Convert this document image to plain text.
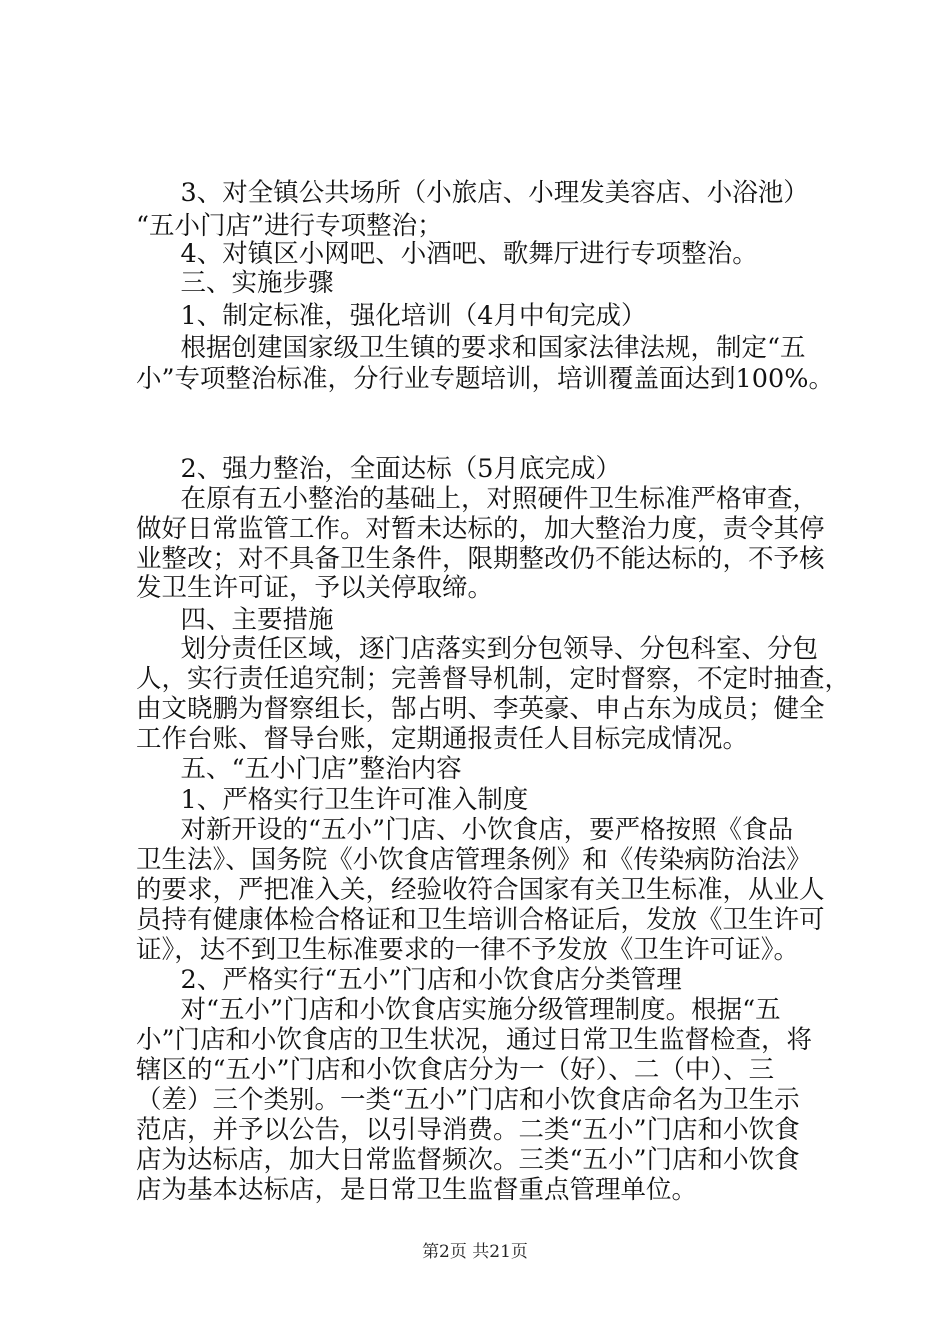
　3、对全镇公共场所（小旅店、小理发美容店、小浴池）
“五小门店”进行专项整治；
　4、对镇区小网吧、小酒吧、歌舞厅进行专项整治。
　三、实施步骤
　1、制定标准，强化培训（4月中旬完成）
　根据创建国家级卫生镇的要求和国家法律法规，制定“五
小”专项整治标准，分行业专题培训，培训覆盖面达到100%。
　2、强力整治，全面达标（5月底完成）
　在原有五小整治的基础上，对照硬件卫生标准严格审查，
做好日常监管工作。对暂未达标的，加大整治力度，责令其停
业整改；对不具备卫生条件，限期整改仍不能达标的，不予核
发卫生许可证，予以关停取缔。
　四、主要措施
　划分责任区域，逐门店落实到分包领导、分包科室、分包
人，实行责任追究制；完善督导机制，定时督察，不定时抽查，
由文晓鹏为督察组长，郜占明、李英豪、申占东为成员；健全
工作台账、督导台账，定期通报责任人目标完成情况。
　五、“五小门店”整治内容
　1、严格实行卫生许可准入制度
　对新开设的“五小”门店、小饮食店，要严格按照《食品
卫生法》、国务院《小饮食店管理条例》和《传染病防治法》
的要求，严把准入关，经验收符合国家有关卫生标准，从业人
员持有健康体检合格证和卫生培训合格证后，发放《卫生许可
证》，达不到卫生标准要求的一律不予发放《卫生许可证》。
　2、严格实行“五小”门店和小饮食店分类管理
　对“五小”门店和小饮食店实施分级管理制度。根据“五
小”门店和小饮食店的卫生状况，通过日常卫生监督检查，将
辖区的“五小”门店和小饮食店分为一（好）、二（中）、三
（差）三个类别。一类“五小”门店和小饮食店命名为卫生示
范店，并予以公告，以引导消费。二类“五小”门店和小饮食
店为达标店，加大日常监督频次。三类“五小”门店和小饮食
店为基本达标店，是日常卫生监督重点管理单位。
第2页 共21页
